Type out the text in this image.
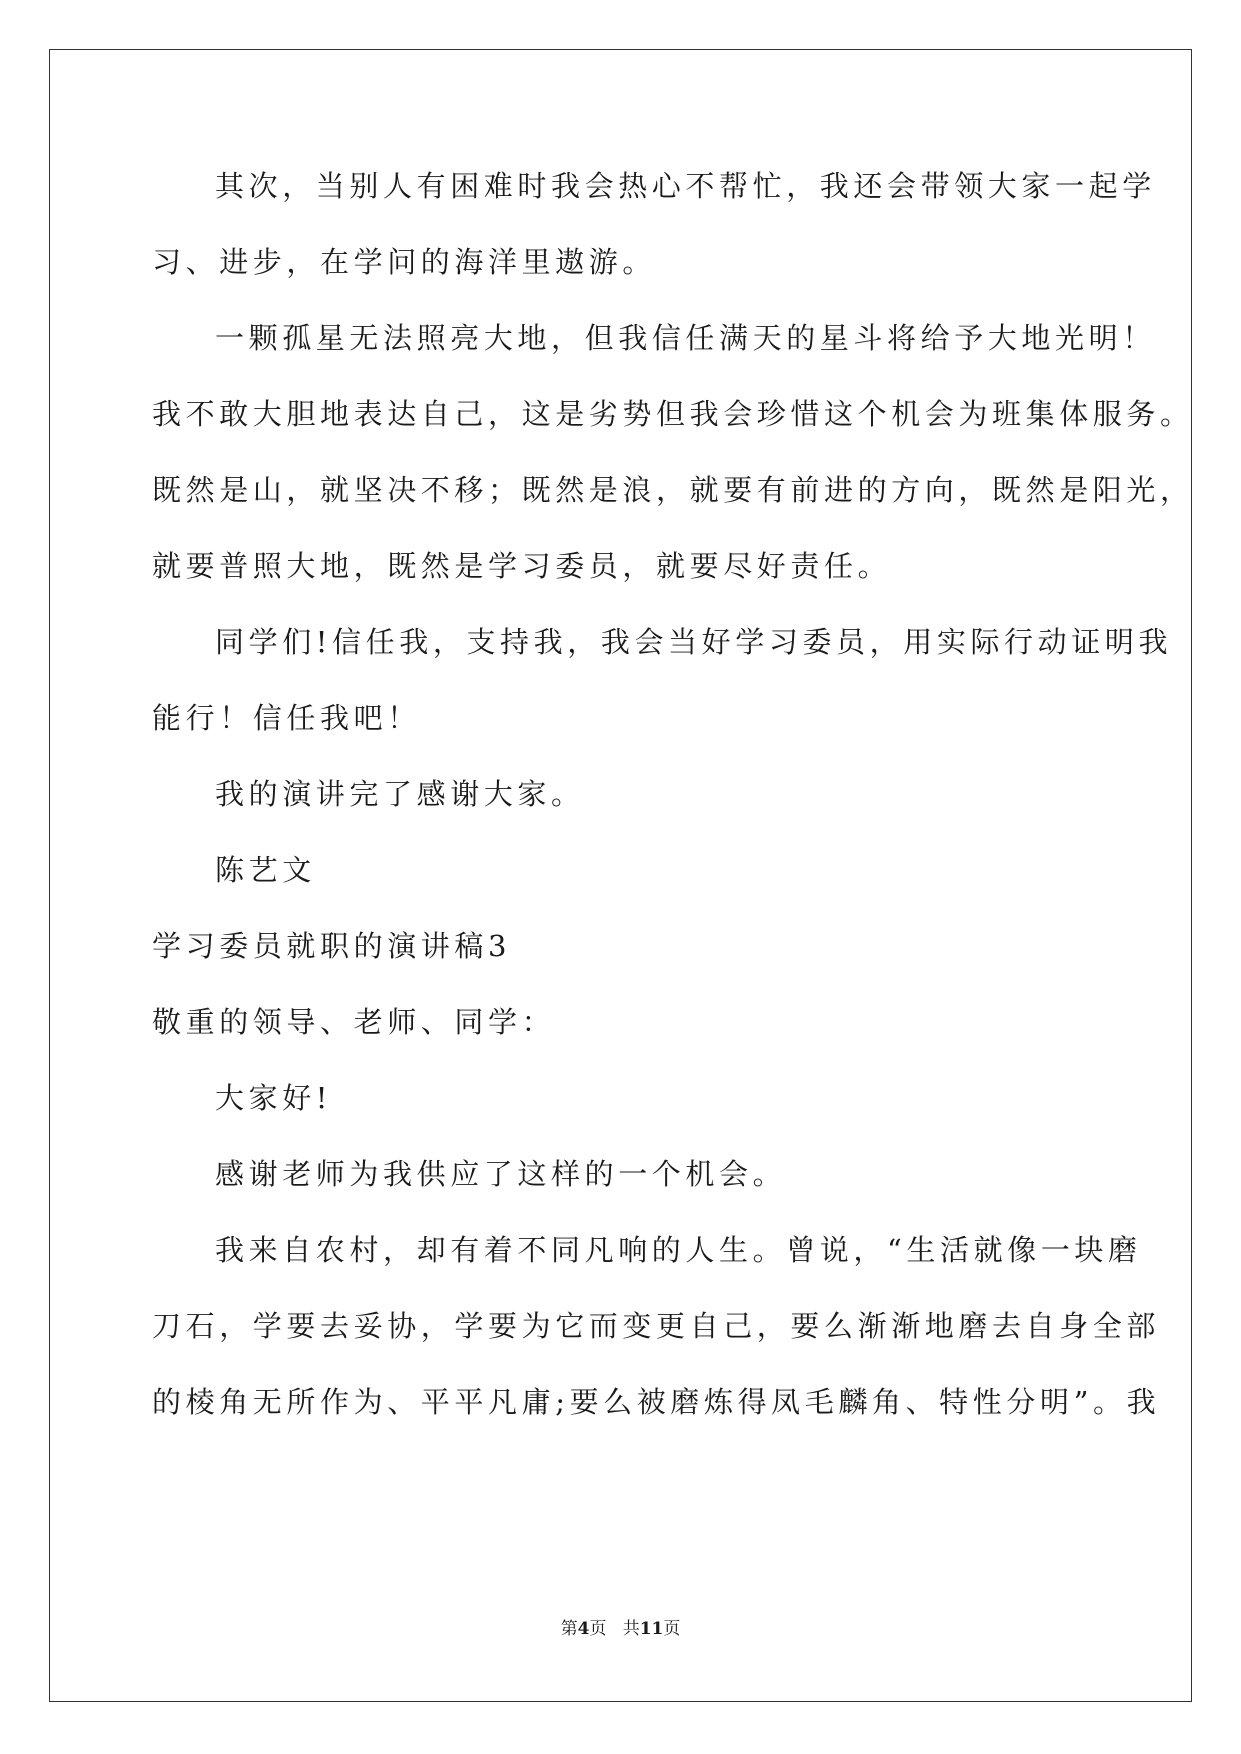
其次，当别人有困难时我会热心不帮忙，我还会带领大家一起学
习、进步，在学问的海洋里遨游。
一颗孤星无法照亮大地，但我信任满天的星斗将给予大地光明！
我不敢大胆地表达自己，这是劣势但我会珍惜这个机会为班集体服务。
既然是山，就坚决不移；既然是浪，就要有前进的方向，既然是阳光，
就要普照大地，既然是学习委员，就要尽好责任。
同学们!信任我，支持我，我会当好学习委员，用实际行动证明我
能行！信任我吧！
我的演讲完了感谢大家。
陈艺文
学习委员就职的演讲稿3
敬重的领导、老师、同学：
大家好!
感谢老师为我供应了这样的一个机会。
我来自农村，却有着不同凡响的人生。曾说，“生活就像一块磨
刀石，学要去妥协，学要为它而变更自己，要么渐渐地磨去自身全部
的棱角无所作为、平平凡庸;要么被磨炼得凤毛麟角、特性分明”。我
第4页 共11页
